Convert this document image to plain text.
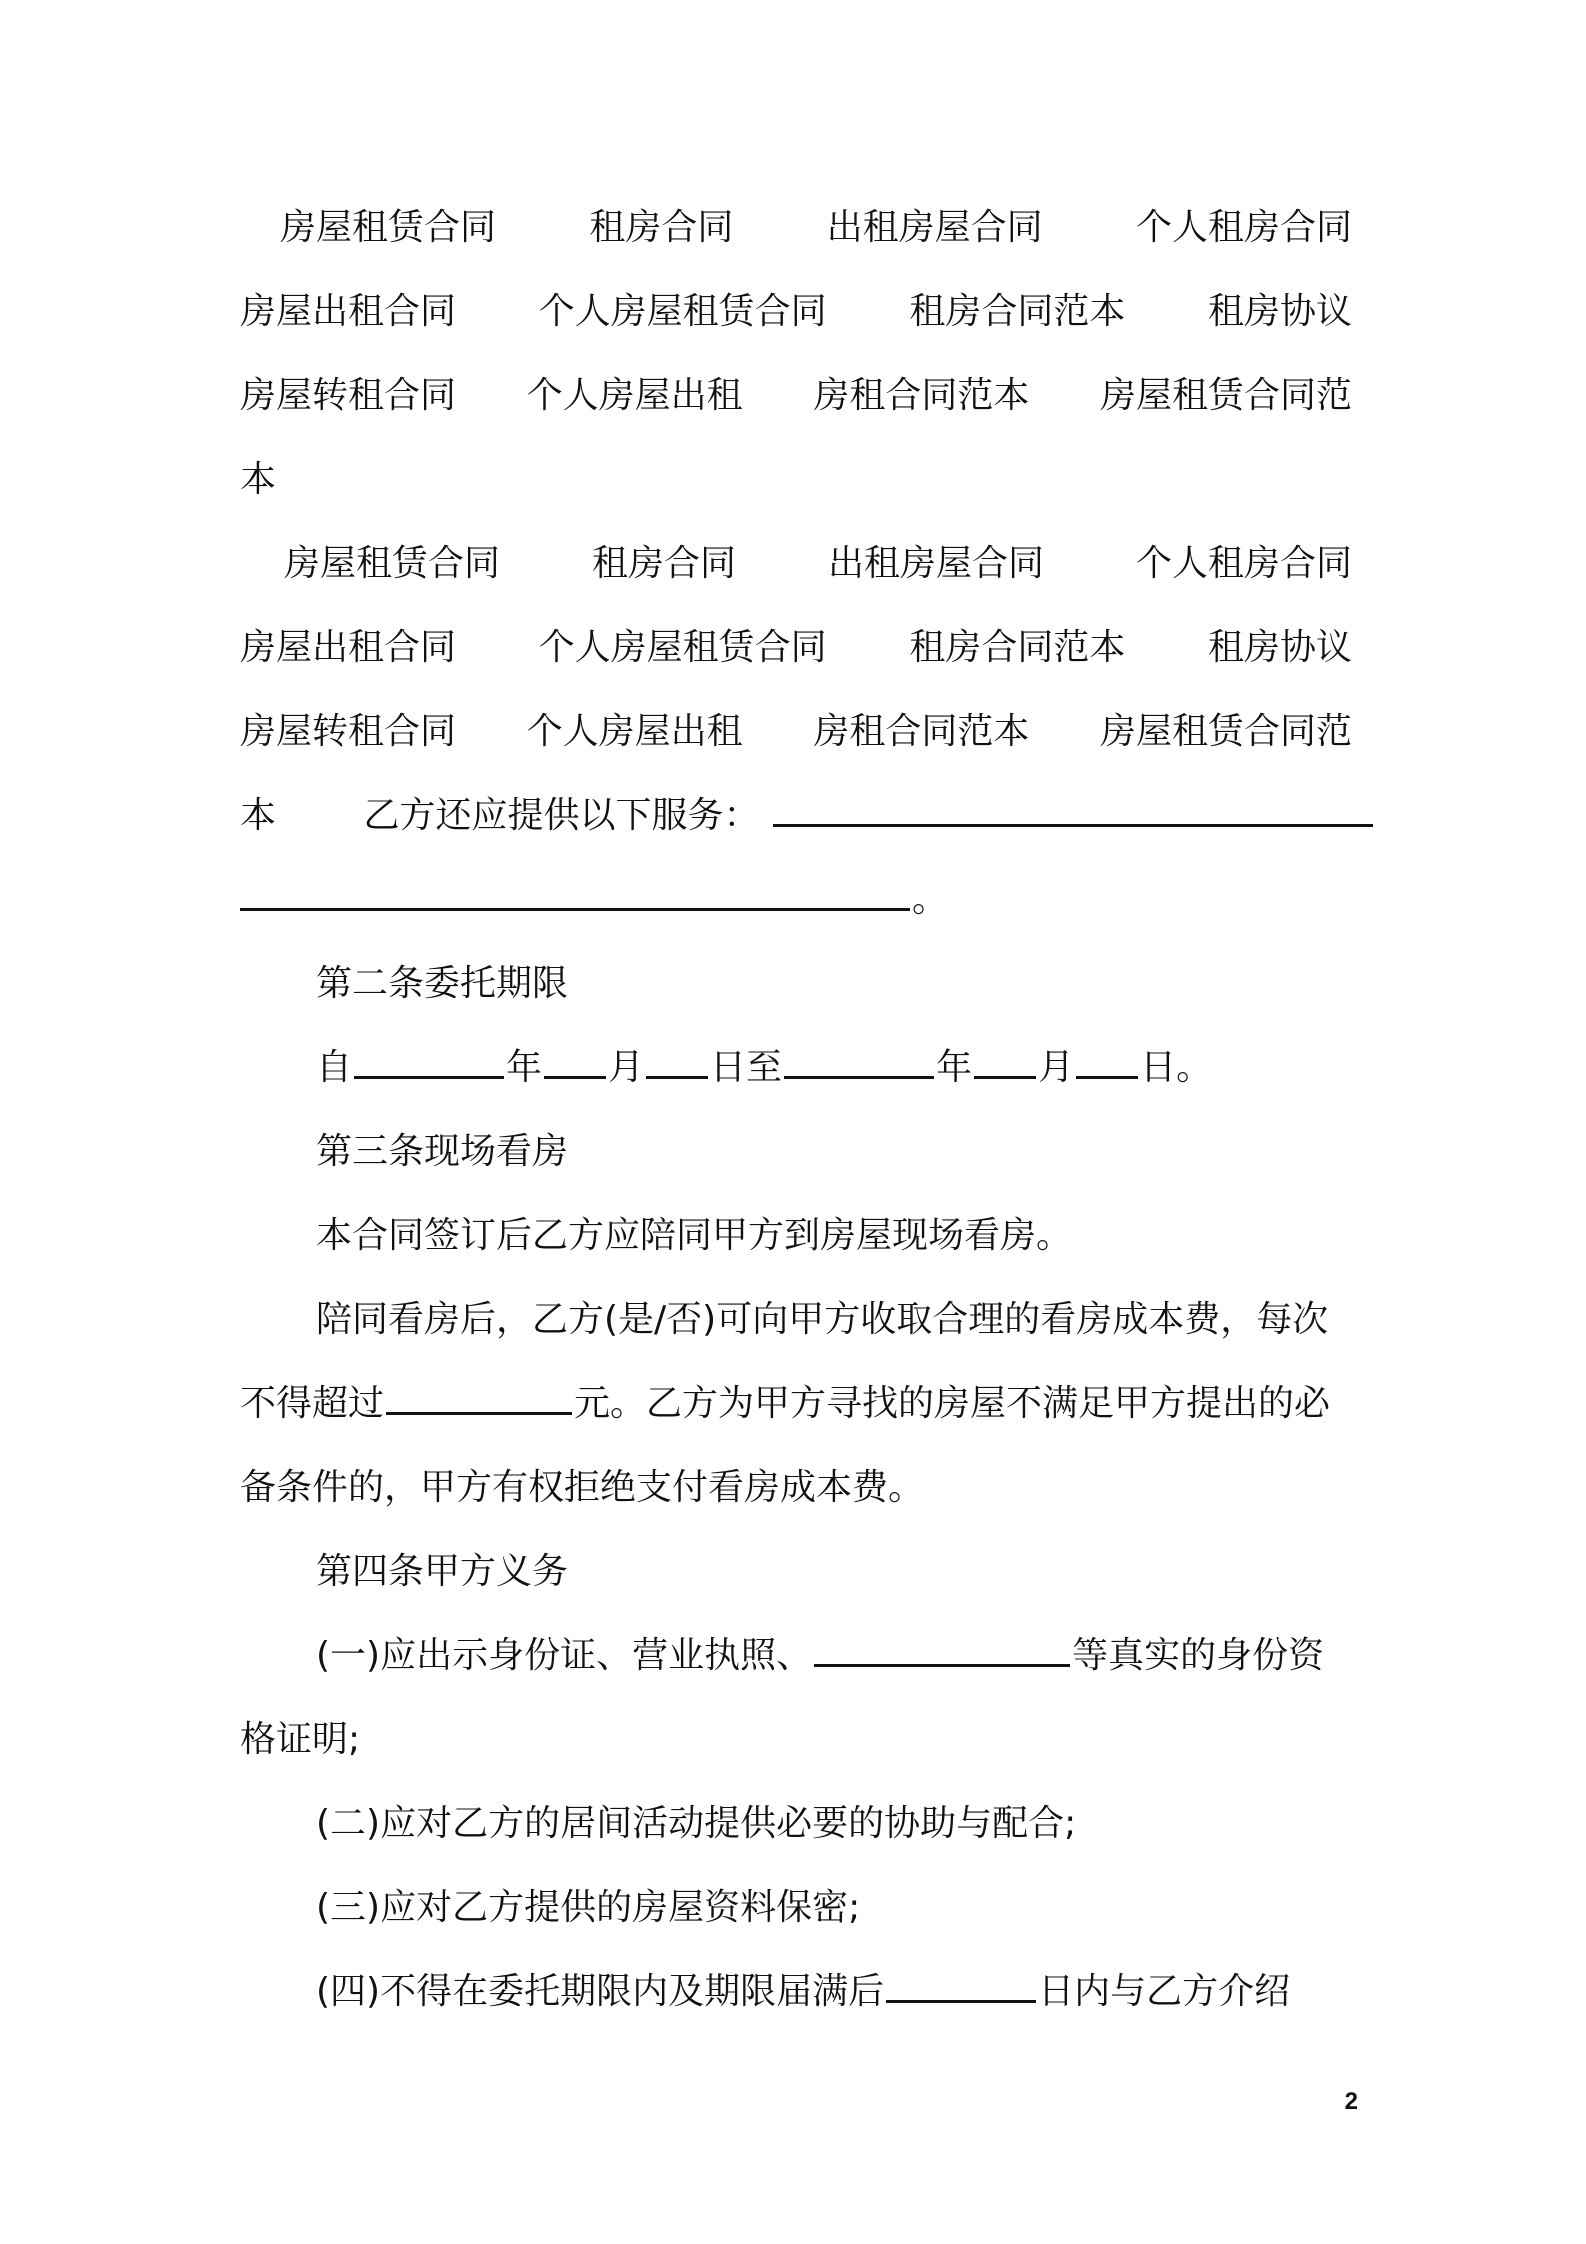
房屋租赁合同	租房合同	出租房屋合同	个人租房合同
房屋出租合同 个人房屋租赁合同 租房合同范本 租房协议
房屋转租合同 个人房屋出租 房租合同范本 房屋租赁合同范
本
房屋租赁合同	租房合同	出租房屋合同	个人租房合同
房屋出租合同 个人房屋租赁合同 租房合同范本 租房协议
房屋转租合同 个人房屋出租 房租合同范本 房屋租赁合同范
本 乙方还应提供以下服务：
。
第二条委托期限
自	年 月 日至	年 月 日。
第三条现场看房
本合同签订后乙方应陪同甲方到房屋现场看房。
陪同看房后，乙方(是/否)可向甲方收取合理的看房成本费，每次
不得超过	元。乙方为甲方寻找的房屋不满足甲方提出的必
备条件的，甲方有权拒绝支付看房成本费。
第四条甲方义务
(一)应出示身份证、营业执照、	等真实的身份资
格证明;
(二)应对乙方的居间活动提供必要的协助与配合;
(三)应对乙方提供的房屋资料保密;
(四)不得在委托期限内及期限届满后	日内与乙方介绍
2
